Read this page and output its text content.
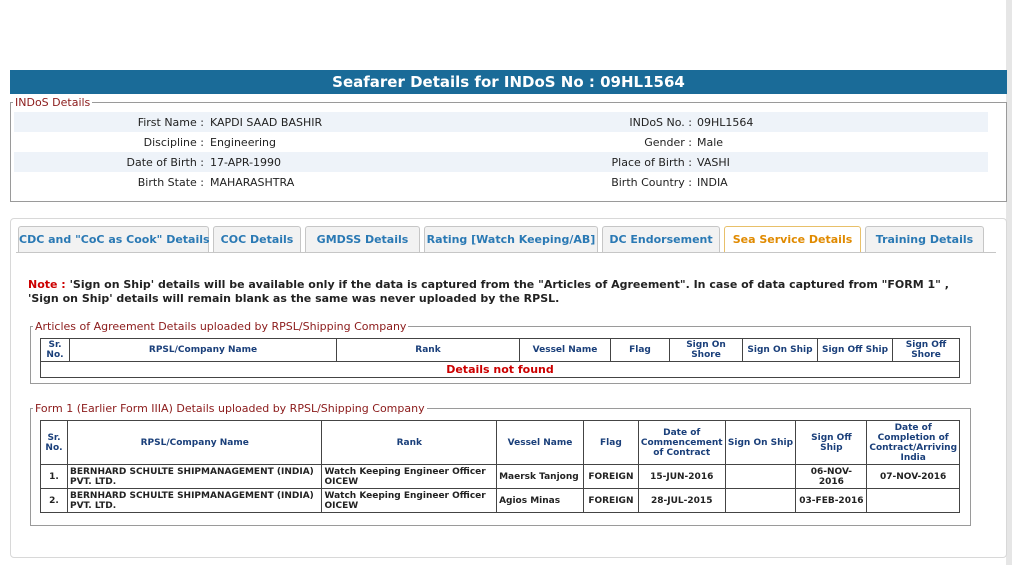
Seafarer Details for INDoS No : 09HL1564
INDoS Details
First Name : KAPDI SAAD BASHIR	INDoS No. : 09HL1564
Discipline : Engineering	Gender : Male
Date of Birth : 17-APR-1990	Place of Birth : VASHI
Birth State : MAHARASHTRA	Birth Country : INDIA
CDC and "CoC as Cook" Details	COC Details	GMDSS Details	Rating [Watch Keeping/AB]	DC Endorsement	Sea Service Details	Training Details
Note : 'Sign on Ship' details will be available only if the data is captured from the "Articles of Agreement". In case of data captured from "FORM 1" , 'Sign on Ship' details will remain blank as the same was never uploaded by the RPSL.
Articles of Agreement Details uploaded by RPSL/Shipping Company
Sr. No.	RPSL/Company Name	Rank	Vessel Name	Flag	Sign On Shore	Sign On Ship	Sign Off Ship	Sign Off Shore
Details not found
Form 1 (Earlier Form IIIA) Details uploaded by RPSL/Shipping Company
Sr. No.	RPSL/Company Name	Rank	Vessel Name	Flag	Date of Commencement of Contract	Sign On Ship	Sign Off Ship	Date of Completion of Contract/Arriving India
1.	BERNHARD SCHULTE SHIPMANAGEMENT (INDIA) PVT. LTD.	Watch Keeping Engineer Officer OICEW	Maersk Tanjong	FOREIGN	15-JUN-2016		06-NOV-2016	07-NOV-2016
2.	BERNHARD SCHULTE SHIPMANAGEMENT (INDIA) PVT. LTD.	Watch Keeping Engineer Officer OICEW	Agios Minas	FOREIGN	28-JUL-2015		03-FEB-2016	
